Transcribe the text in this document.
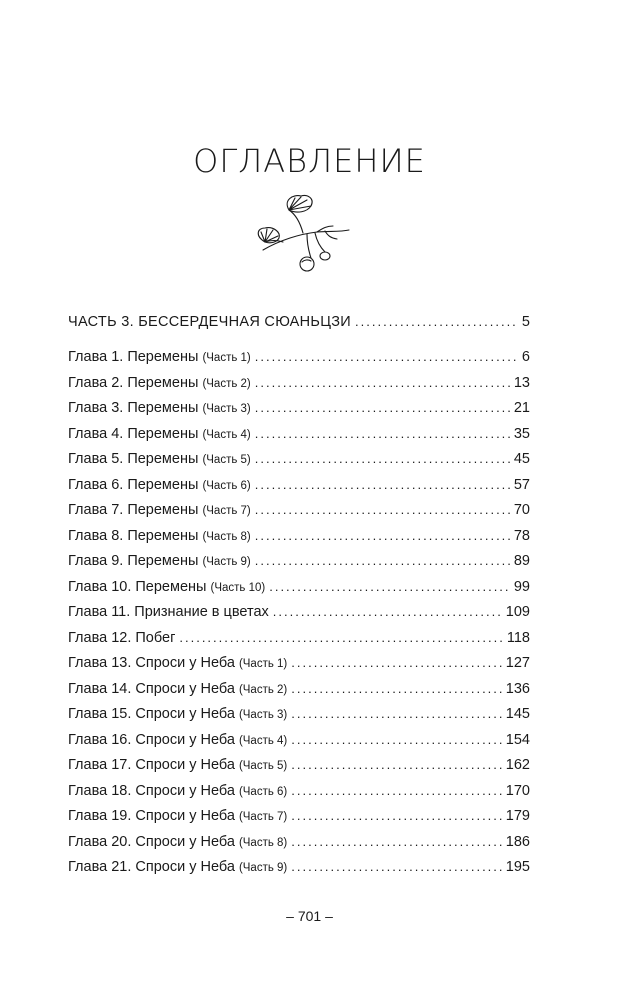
ОГЛАВЛЕНИЕ
ЧАСТЬ 3. БЕССЕРДЕЧНАЯ СЮАНЬЦЗИ .....	5
Глава 1. Перемены (Часть 1) .....	6
Глава 2. Перемены (Часть 2) .....	13
Глава 3. Перемены (Часть 3) .....	21
Глава 4. Перемены (Часть 4) .....	35
Глава 5. Перемены (Часть 5) .....	45
Глава 6. Перемены (Часть 6) .....	57
Глава 7. Перемены (Часть 7) .....	70
Глава 8. Перемены (Часть 8) .....	78
Глава 9. Перемены (Часть 9) .....	89
Глава 10. Перемены (Часть 10) .....	99
Глава 11. Признание в цветах .....	109
Глава 12. Побег .....	118
Глава 13. Спроси у Неба (Часть 1) .....	127
Глава 14. Спроси у Неба (Часть 2) .....	136
Глава 15. Спроси у Неба (Часть 3) .....	145
Глава 16. Спроси у Неба (Часть 4) .....	154
Глава 17. Спроси у Неба (Часть 5) .....	162
Глава 18. Спроси у Неба (Часть 6) .....	170
Глава 19. Спроси у Неба (Часть 7) .....	179
Глава 20. Спроси у Неба (Часть 8) .....	186
Глава 21. Спроси у Неба (Часть 9) .....	195
– 701 –
